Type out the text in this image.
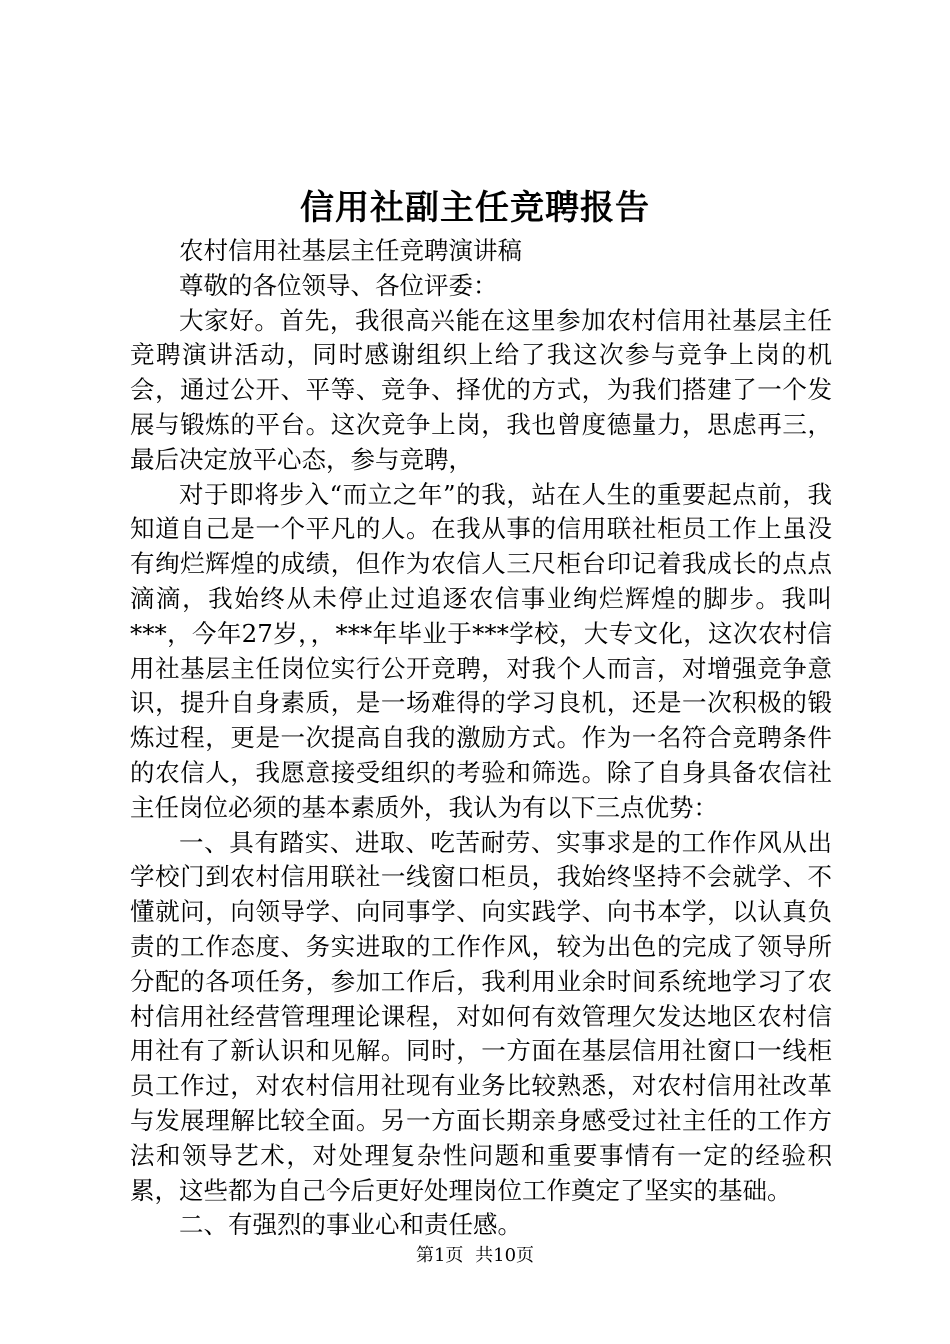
信用社副主任竞聘报告

农村信用社基层主任竞聘演讲稿

尊敬的各位领导、各位评委：

大家好。首先，我很高兴能在这里参加农村信用社基层主任竞聘演讲活动，同时感谢组织上给了我这次参与竞争上岗的机会，通过公开、平等、竞争、择优的方式，为我们搭建了一个发展与锻炼的平台。这次竞争上岗，我也曾度德量力，思虑再三，最后决定放平心态，参与竞聘，

对于即将步入“而立之年”的我，站在人生的重要起点前，我知道自己是一个平凡的人。在我从事的信用联社柜员工作上虽没有绚烂辉煌的成绩，但作为农信人三尺柜台印记着我成长的点点滴滴，我始终从未停止过追逐农信事业绚烂辉煌的脚步。我叫***，今年27岁，，***年毕业于***学校，大专文化，这次农村信用社基层主任岗位实行公开竞聘，对我个人而言，对增强竞争意识，提升自身素质，是一场难得的学习良机，还是一次积极的锻炼过程，更是一次提高自我的激励方式。作为一名符合竞聘条件的农信人，我愿意接受组织的考验和筛选。除了自身具备农信社主任岗位必须的基本素质外，我认为有以下三点优势：

一、具有踏实、进取、吃苦耐劳、实事求是的工作作风从出学校门到农村信用联社一线窗口柜员，我始终坚持不会就学、不懂就问，向领导学、向同事学、向实践学、向书本学，以认真负责的工作态度、务实进取的工作作风，较为出色的完成了领导所分配的各项任务，参加工作后，我利用业余时间系统地学习了农村信用社经营管理理论课程，对如何有效管理欠发达地区农村信用社有了新认识和见解。同时，一方面在基层信用社窗口一线柜员工作过，对农村信用社现有业务比较熟悉，对农村信用社改革与发展理解比较全面。另一方面长期亲身感受过社主任的工作方法和领导艺术，对处理复杂性问题和重要事情有一定的经验积累，这些都为自己今后更好处理岗位工作奠定了坚实的基础。

二、有强烈的事业心和责任感。

第1页 共10页
